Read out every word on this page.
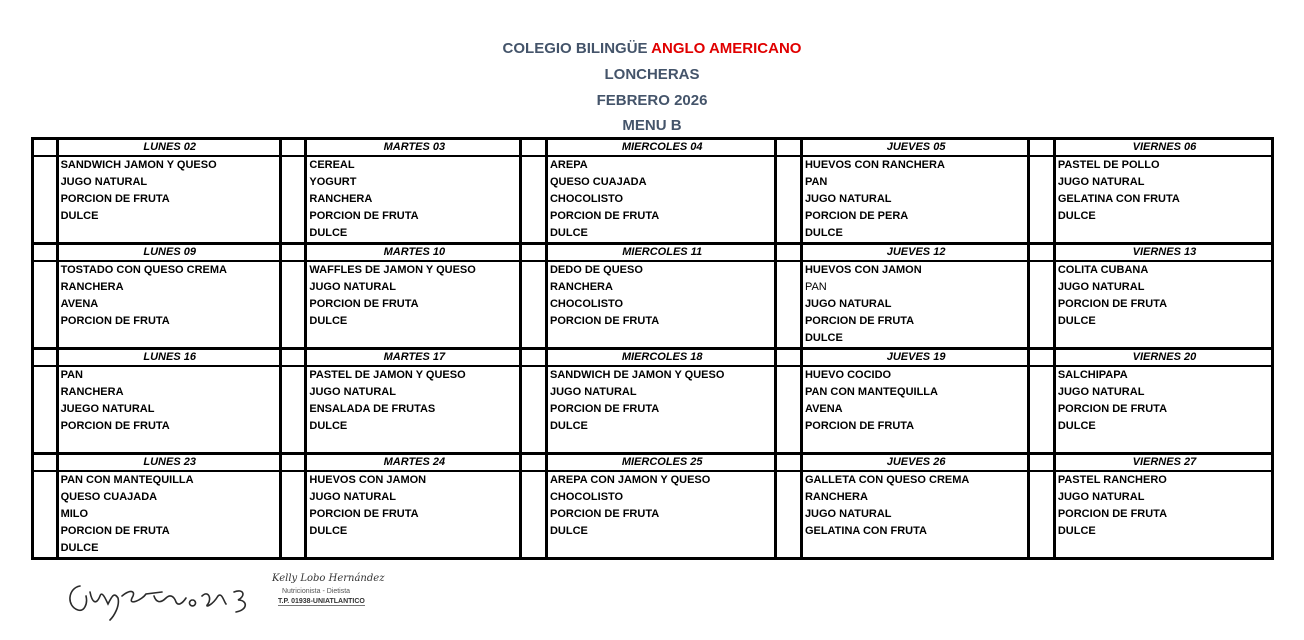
COLEGIO BILINGÜE ANGLO AMERICANO
LONCHERAS
FEBRERO 2026
MENU B
	LUNES 02		MARTES 03		MIERCOLES 04		JUEVES 05		VIERNES 06
	SANDWICH JAMON Y QUESO		CEREAL		AREPA		HUEVOS CON RANCHERA		PASTEL DE POLLO
	JUGO NATURAL		YOGURT		QUESO CUAJADA		PAN		JUGO NATURAL
	PORCION DE FRUTA		RANCHERA		CHOCOLISTO		JUGO NATURAL		GELATINA CON FRUTA
	DULCE		PORCION DE FRUTA		PORCION DE FRUTA		PORCION DE PERA		DULCE
			DULCE		DULCE		DULCE		
	LUNES 09		MARTES 10		MIERCOLES 11		JUEVES 12		VIERNES 13
	TOSTADO CON QUESO CREMA		WAFFLES DE JAMON Y QUESO		DEDO DE QUESO		HUEVOS CON JAMON		COLITA CUBANA
	RANCHERA		JUGO NATURAL		RANCHERA		PAN		JUGO NATURAL
	AVENA		PORCION DE FRUTA		CHOCOLISTO		JUGO NATURAL		PORCION DE FRUTA
	PORCION DE FRUTA		DULCE		PORCION DE FRUTA		PORCION DE FRUTA		DULCE
							DULCE		
	LUNES 16		MARTES 17		MIERCOLES 18		JUEVES 19		VIERNES 20
	PAN		PASTEL DE JAMON Y QUESO		SANDWICH DE JAMON Y QUESO		HUEVO COCIDO		SALCHIPAPA
	RANCHERA		JUGO NATURAL		JUGO NATURAL		PAN CON MANTEQUILLA		JUGO NATURAL
	JUEGO NATURAL		ENSALADA DE FRUTAS		PORCION DE FRUTA		AVENA		PORCION DE FRUTA
	PORCION DE FRUTA		DULCE		DULCE		PORCION DE FRUTA		DULCE

	LUNES 23		MARTES 24		MIERCOLES 25		JUEVES 26		VIERNES 27
	PAN CON MANTEQUILLA		HUEVOS CON JAMON		AREPA CON JAMON Y QUESO		GALLETA CON QUESO CREMA		PASTEL RANCHERO
	QUESO CUAJADA		JUGO NATURAL		CHOCOLISTO		RANCHERA		JUGO NATURAL
	MILO		PORCION DE FRUTA		PORCION DE FRUTA		JUGO NATURAL		PORCION DE FRUTA
	PORCION DE FRUTA		DULCE		DULCE		GELATINA CON FRUTA		DULCE
	DULCE								
Kelly Lobo Hernández
Nutricionista - Dietista
T.P. 01938-UNIATLANTICO
